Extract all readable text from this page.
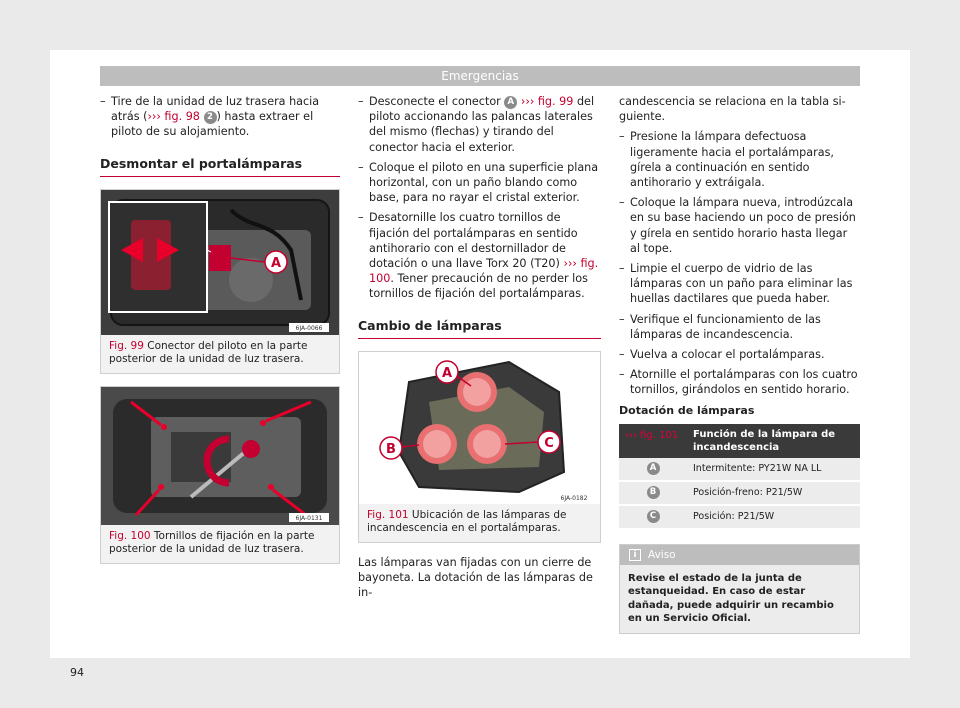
Emergencias
– Tire de la unidad de luz trasera hacia atrás (››› fig. 98 2 ) hasta extraer el piloto de su alojamiento.
Desmontar el portalámparas
A
6JA-0066
Fig. 99 Conector del piloto en la parte posterior de la unidad de luz trasera.
6JA-0131
Fig. 100 Tornillos de fijación en la parte posterior de la unidad de luz trasera.
– Desconecte el conector A ››› fig. 99 del piloto accionando las palancas laterales del mismo (flechas) y tirando del conector hacia el exterior.
– Coloque el piloto en una superficie plana horizontal, con un paño blando como base, para no rayar el cristal exterior.
– Desatornille los cuatro tornillos de fijación del portalámparas en sentido antihorario con el destornillador de dotación o una llave Torx 20 (T20) ››› fig. 100. Tener precaución de no perder los tornillos de fijación del portalámparas.
Cambio de lámparas
A
B	C
6JA-0182
Fig. 101 Ubicación de las lámparas de incandescencia en el portalámparas.
Las lámparas van fijadas con un cierre de bayoneta. La dotación de las lámparas de in-
candescencia se relaciona en la tabla siguiente.
– Presione la lámpara defectuosa ligeramente hacia el portalámparas, gírela a continuación en sentido antihorario y extráigala.
– Coloque la lámpara nueva, introdúzcala en su base haciendo un poco de presión y gírela en sentido horario hasta llegar al tope.
– Limpie el cuerpo de vidrio de las lámparas con un paño para eliminar las huellas dactilares que pueda haber.
– Verifique el funcionamiento de las lámparas de incandescencia.
– Vuelva a colocar el portalámparas.
– Atornille el portalámparas con los cuatro tornillos, girándolos en sentido horario.
Dotación de lámparas
››› fig. 101	Función de la lámpara de incandescencia
A	Intermitente: PY21W NA LL
B	Posición-freno: P21/5W
C	Posición: P21/5W
i	Aviso
Revise el estado de la junta de estanqueidad. En caso de estar dañada, puede adquirir un recambio en un Servicio Oficial.
94
